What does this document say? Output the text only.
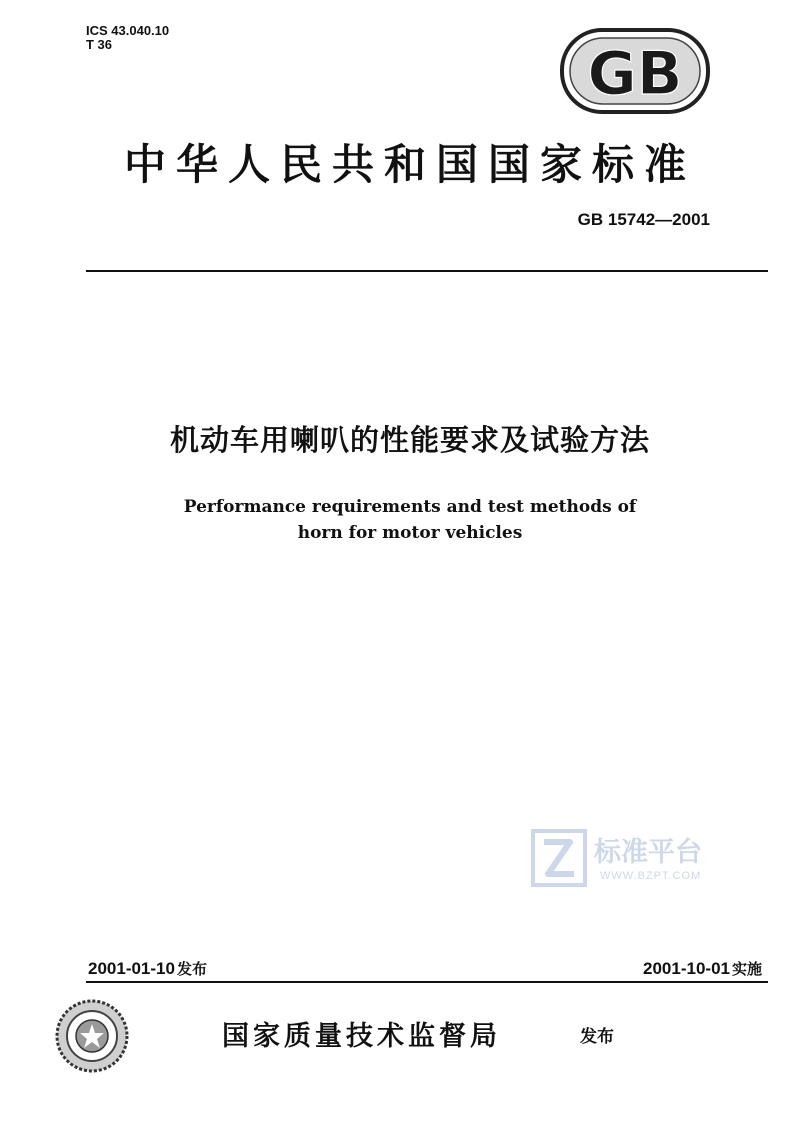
ICS 43.040.10
T 36	GB
中华人民共和国国家标准
GB 15742—2001
机动车用喇叭的性能要求及试验方法
Performance requirements and test methods of
horn for motor vehicles
标准平台
WWW.BZPT.COM
2001-01-10 发布	2001-10-01 实施
国家质量技术监督局	发布
